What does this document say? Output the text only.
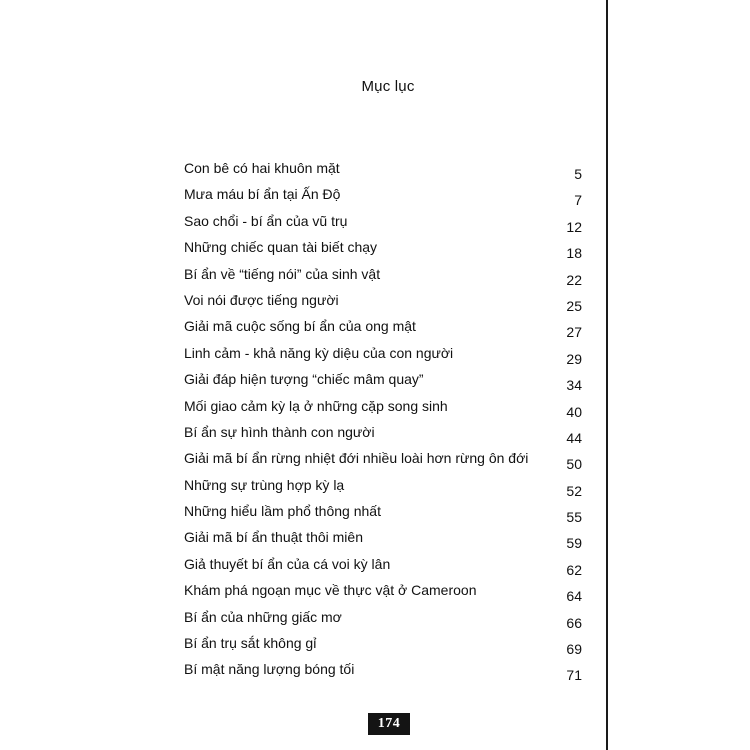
Mục lục
Con bê có hai khuôn mặt	5
Mưa máu bí ẩn tại Ấn Độ	7
Sao chổi - bí ẩn của vũ trụ	12
Những chiếc quan tài biết chạy	18
Bí ẩn về “tiếng nói” của sinh vật	22
Voi nói được tiếng người	25
Giải mã cuộc sống bí ẩn của ong mật	27
Linh cảm - khả năng kỳ diệu của con người	29
Giải đáp hiện tượng “chiếc mâm quay”	34
Mối giao cảm kỳ lạ ở những cặp song sinh	40
Bí ẩn sự hình thành con người	44
Giải mã bí ẩn rừng nhiệt đới nhiều loài hơn rừng ôn đới	50
Những sự trùng hợp kỳ lạ	52
Những hiểu lầm phổ thông nhất	55
Giải mã bí ẩn thuật thôi miên	59
Giả thuyết bí ẩn của cá voi kỳ lân	62
Khám phá ngoạn mục về thực vật ở Cameroon	64
Bí ẩn của những giấc mơ	66
Bí ẩn trụ sắt không gỉ	69
Bí mật năng lượng bóng tối	71
174
